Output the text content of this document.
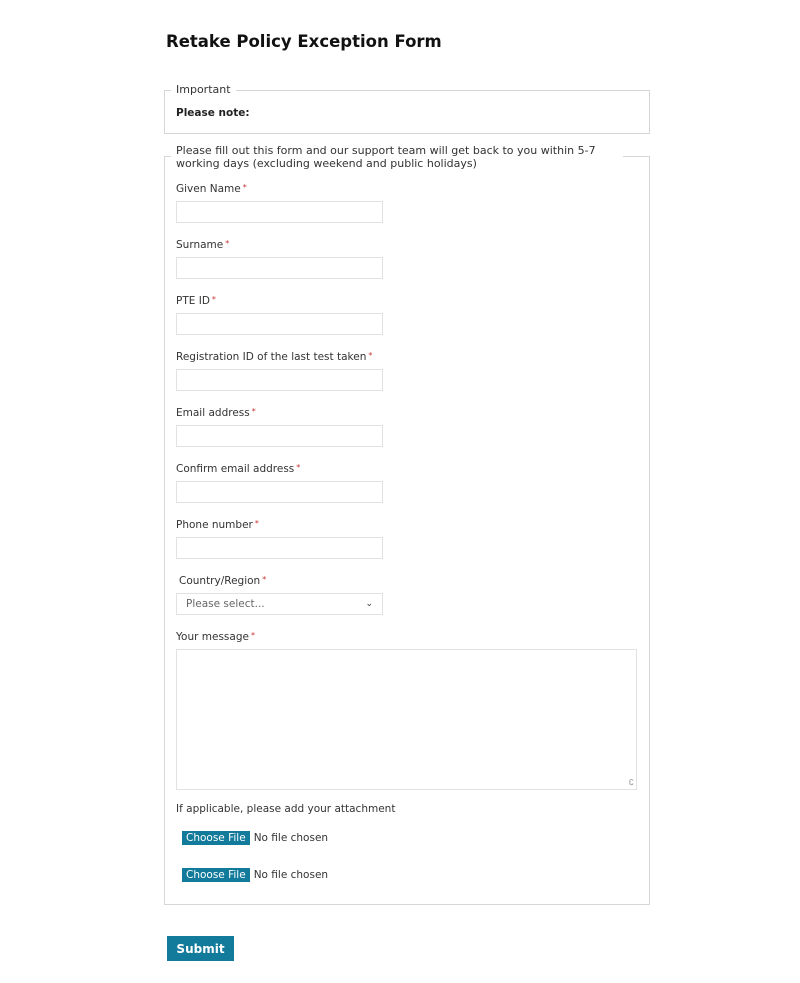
Retake Policy Exception Form
Important
Please note:
Please fill out this form and our support team will get back to you within 5-7 working days (excluding weekend and public holidays)
Given Name *
Surname *
PTE ID *
Registration ID of the last test taken *
Email address *
Confirm email address *
Phone number *
Country/Region *
Please select...	⌄
Your message *
∁
If applicable, please add your attachment
Choose File No file chosen
Choose File No file chosen
Submit
